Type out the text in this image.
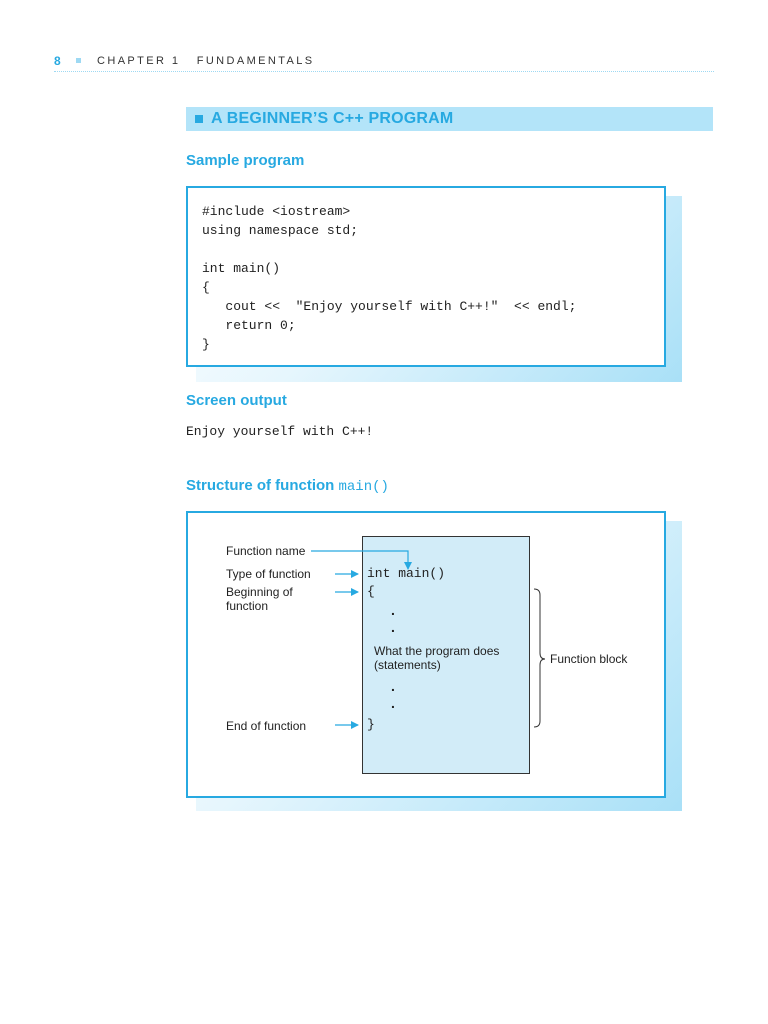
8	CHAPTER 1   FUNDAMENTALS
A BEGINNER’S C++ PROGRAM
Sample program
#include <iostream>
using namespace std;

int main()
{
cout <<  "Enjoy yourself with C++!"  << endl;
return 0;
}

Screen output
Enjoy yourself with C++!
Structure of function main()
Function name
Type of function
Beginning of
function
End of function
int main()
{
.
.
What the program does
(statements)
.
.
}
Function block
